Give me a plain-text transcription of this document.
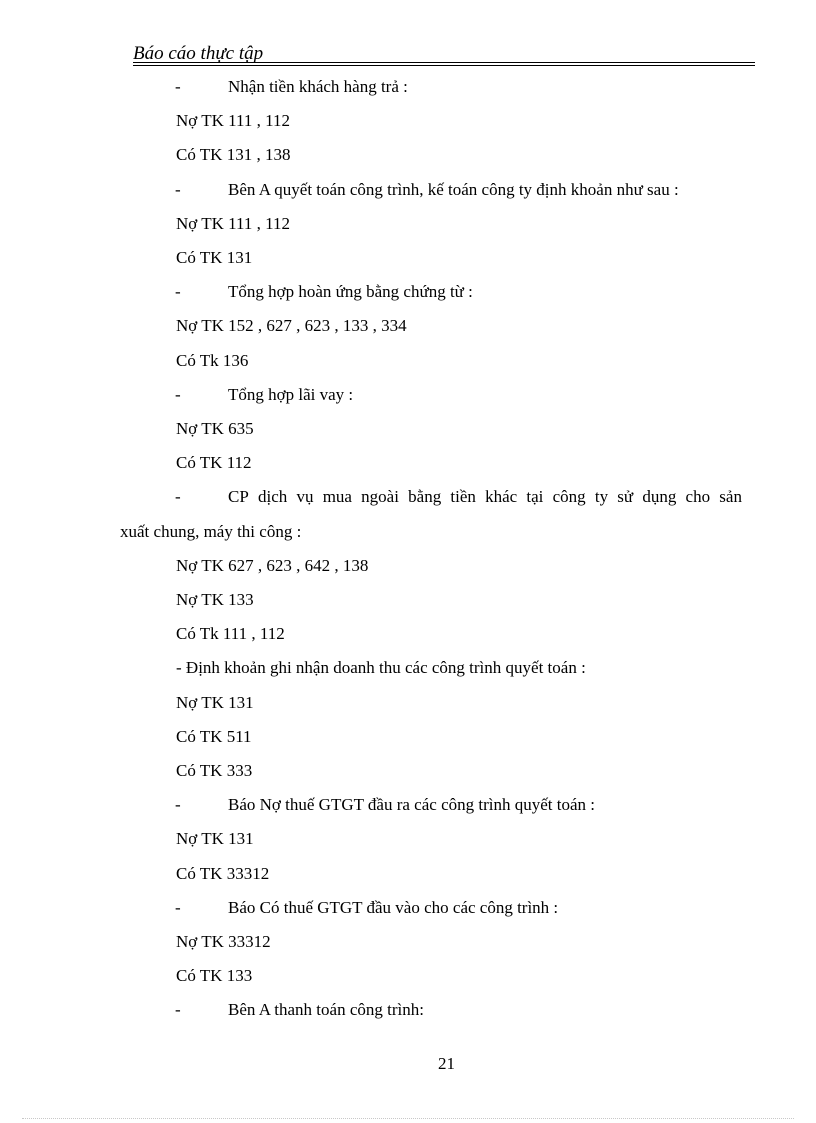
Báo cáo thực tập
-	Nhận tiền khách hàng trả :
Nợ TK 111 , 112
Có TK 131 , 138
-	Bên A quyết toán công trình, kế toán công ty định khoản như sau :
Nợ TK 111 , 112
Có TK 131
-	Tổng hợp hoàn ứng bằng chứng từ :
Nợ TK 152 , 627 , 623 , 133 , 334
Có Tk 136
-	Tổng hợp lãi vay :
Nợ TK 635
Có TK 112
-	CP dịch vụ mua ngoài bằng tiền khác tại công ty sử dụng cho sản
xuất chung, máy thi công :
Nợ TK 627 , 623 , 642 , 138
Nợ TK 133
Có Tk 111 , 112
- Định khoản ghi nhận doanh thu các công trình quyết toán :
Nợ TK 131
Có TK 511
Có TK 333
-	Báo Nợ thuế GTGT đầu ra các công trình quyết toán :
Nợ TK 131
Có TK 33312
-	Báo Có thuế GTGT đầu vào cho các công trình :
Nợ TK 33312
Có TK 133
-	Bên A thanh toán công trình:
21
